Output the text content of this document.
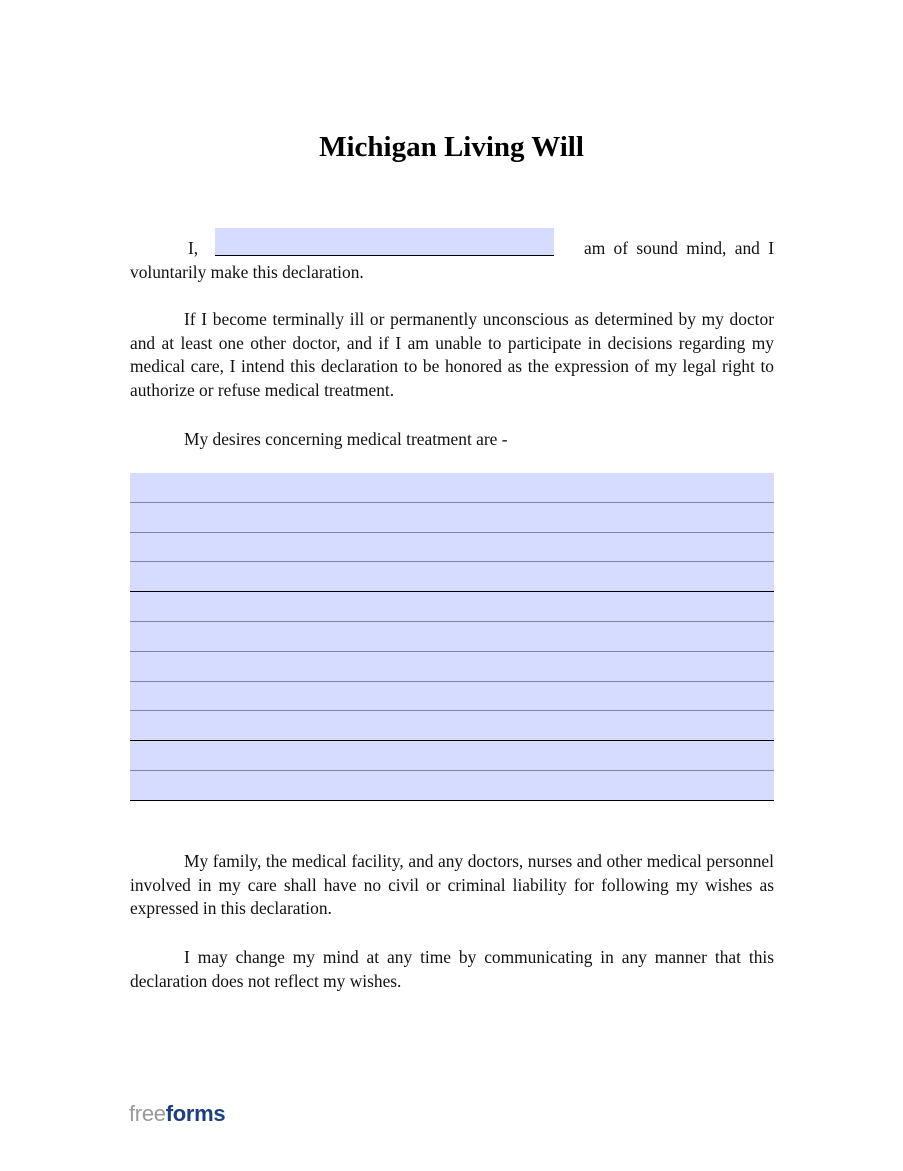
Michigan Living Will
I,	am of sound mind, and I
voluntarily make this declaration.

If I become terminally ill or permanently unconscious as determined by my doctor and at least one other doctor, and if I am unable to participate in decisions regarding my medical care, I intend this declaration to be honored as the expression of my legal right to authorize or refuse medical treatment.

My desires concerning medical treatment are -

My family, the medical facility, and any doctors, nurses and other medical personnel involved in my care shall have no civil or criminal liability for following my wishes as expressed in this declaration.

I may change my mind at any time by communicating in any manner that this declaration does not reflect my wishes.

freeforms
